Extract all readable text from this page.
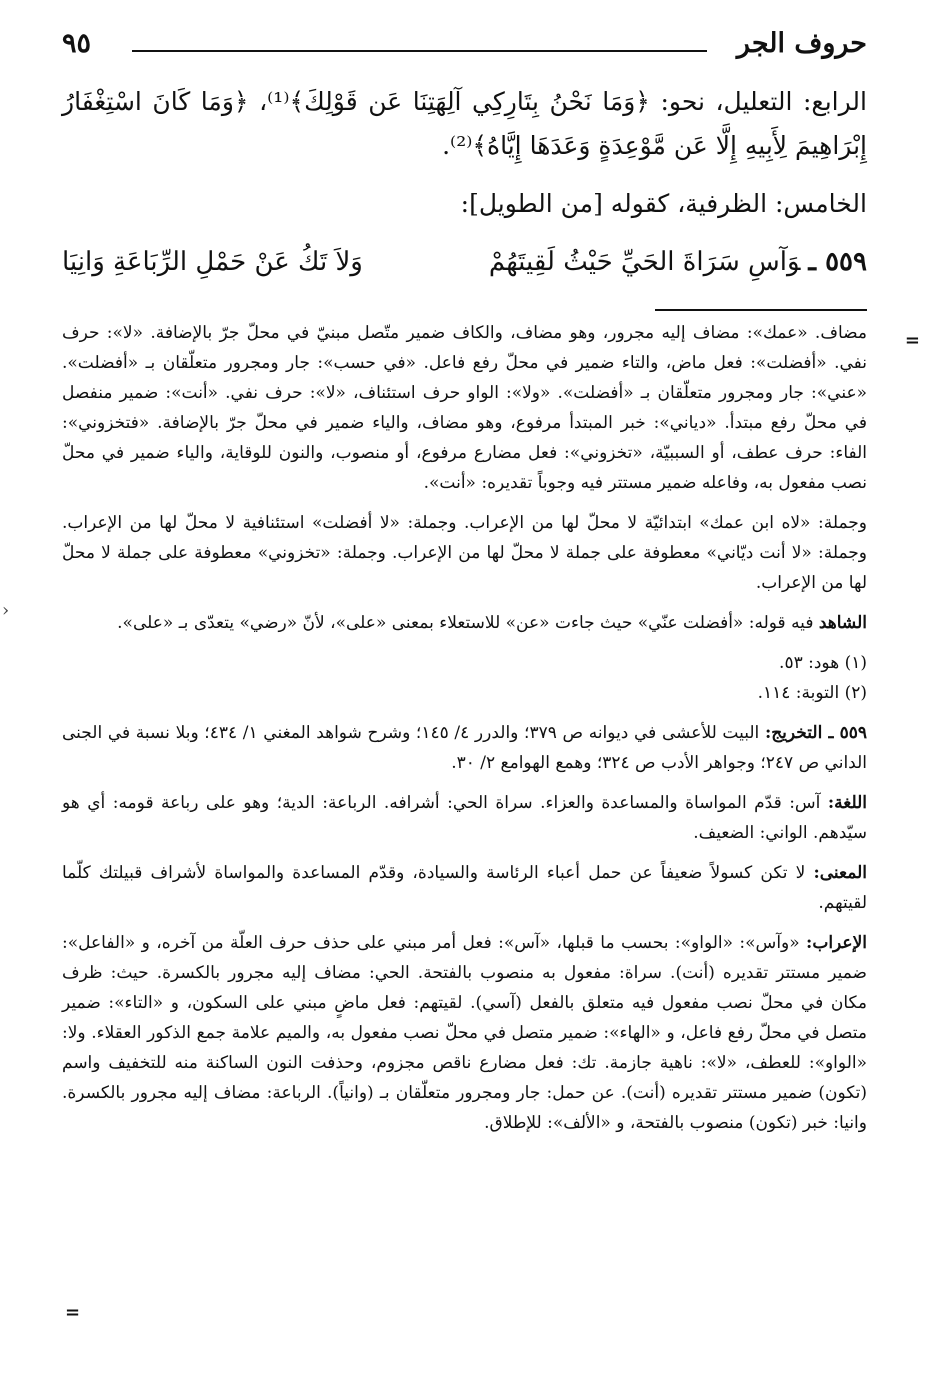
حروف الجر
٩٥

الرابع: التعليل، نحو: ﴿وَمَا نَحْنُ بِتَارِكِي آلِهَتِنَا عَن قَوْلِكَ﴾⁽¹⁾، ﴿وَمَا كَانَ اسْتِغْفَارُ إِبْرَاهِيمَ لِأَبِيهِ إِلَّا عَن مَّوْعِدَةٍ وَعَدَهَا إِيَّاهُ﴾⁽²⁾.

الخامس: الظرفية، كقوله [من الطويل]:

٥٥٩ ـوَآسِ سَرَاةَ الحَيِّ حَيْثُ لَقِيتَهُمْ
وَلاَ تَكُ عَنْ حَمْلِ الرِّبَاعَةِ وَانِيَا
=
‹

مضاف. «عمك»: مضاف إليه مجرور، وهو مضاف، والكاف ضمير متّصل مبنيّ في محلّ جرّ بالإضافة. «لا»: حرف نفي. «أفضلت»: فعل ماض، والتاء ضمير في محلّ رفع فاعل. «في حسب»: جار ومجرور متعلّقان بـ «أفضلت». «عني»: جار ومجرور متعلّقان بـ «أفضلت». «ولا»: الواو حرف استئناف، «لا»: حرف نفي. «أنت»: ضمير منفصل في محلّ رفع مبتدأ. «دياني»: خبر المبتدأ مرفوع، وهو مضاف، والياء ضمير في محلّ جرّ بالإضافة. «فتخزوني»: الفاء: حرف عطف، أو السببيّة، «تخزوني»: فعل مضارع مرفوع، أو منصوب، والنون للوقاية، والياء ضمير في محلّ نصب مفعول به، وفاعله ضمير مستتر فيه وجوباً تقديره: «أنت».

وجملة: «لاه ابن عمك» ابتدائيّة لا محلّ لها من الإعراب. وجملة: «لا أفضلت» استئنافية لا محلّ لها من الإعراب. وجملة: «لا أنت ديّاني» معطوفة على جملة لا محلّ لها من الإعراب. وجملة: «تخزوني» معطوفة على جملة لا محلّ لها من الإعراب.

الشاهد فيه قوله: «أفضلت عنّي» حيث جاءت «عن» للاستعلاء بمعنى «على»، لأنّ «رضي» يتعدّى بـ «على».

(١) هود: ٥٣.

(٢) التوبة: ١١٤.

٥٥٩ ـ التخريج: البيت للأعشى في ديوانه ص ٣٧٩؛ والدرر ٤/ ١٤٥؛ وشرح شواهد المغني ١/ ٤٣٤؛ وبلا نسبة في الجنى الداني ص ٢٤٧؛ وجواهر الأدب ص ٣٢٤؛ وهمع الهوامع ٢/ ٣٠.

اللغة: آس: قدّم المواساة والمساعدة والعزاء. سراة الحي: أشرافه. الرباعة: الدية؛ وهو على رباعة قومه: أي هو سيّدهم. الواني: الضعيف.

المعنى: لا تكن كسولاً ضعيفاً عن حمل أعباء الرئاسة والسيادة، وقدّم المساعدة والمواساة لأشراف قبيلتك كلّما لقيتهم.

الإعراب: «وآس»: «الواو»: بحسب ما قبلها، «آس»: فعل أمر مبني على حذف حرف العلّة من آخره، و «الفاعل»: ضمير مستتر تقديره (أنت). سراة: مفعول به منصوب بالفتحة. الحي: مضاف إليه مجرور بالكسرة. حيث: ظرف مكان في محلّ نصب مفعول فيه متعلق بالفعل (آسي). لقيتهم: فعل ماضٍ مبني على السكون، و «التاء»: ضمير متصل في محلّ رفع فاعل، و «الهاء»: ضمير متصل في محلّ نصب مفعول به، والميم علامة جمع الذكور العقلاء. ولا: «الواو»: للعطف، «لا»: ناهية جازمة. تك: فعل مضارع ناقص مجزوم، وحذفت النون الساكنة منه للتخفيف واسم (تكون) ضمير مستتر تقديره (أنت). عن حمل: جار ومجرور متعلّقان بـ (وانياً). الرباعة: مضاف إليه مجرور بالكسرة. وانيا: خبر (تكون) منصوب بالفتحة، و «الألف»: للإطلاق.

=
